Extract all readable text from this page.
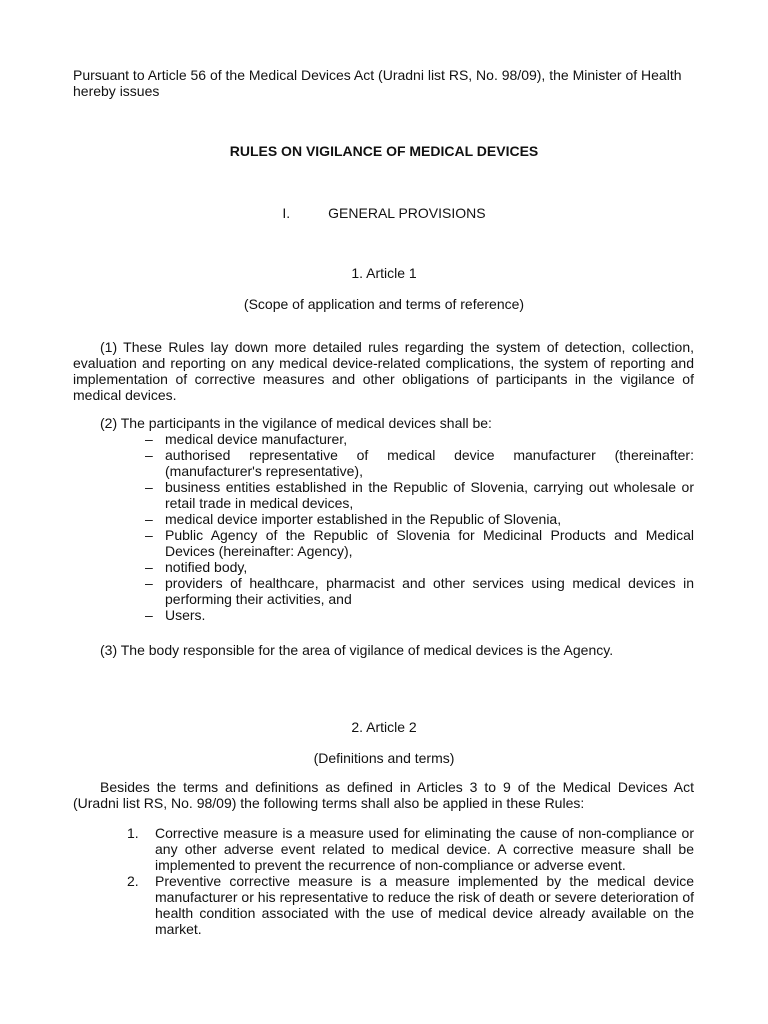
Pursuant to Article 56 of the Medical Devices Act (Uradni list RS, No. 98/09), the Minister of Health hereby issues

RULES ON VIGILANCE OF MEDICAL DEVICES

I.	GENERAL PROVISIONS

1. Article 1

(Scope of application and terms of reference)

(1) These Rules lay down more detailed rules regarding the system of detection, collection, evaluation and reporting on any medical device-related complications, the system of reporting and implementation of corrective measures and other obligations of participants in the vigilance of medical devices.

(2) The participants in the vigilance of medical devices shall be:

– medical device manufacturer,
– authorised representative of medical device manufacturer (thereinafter: (manufacturer's representative),
– business entities established in the Republic of Slovenia, carrying out wholesale or retail trade in medical devices,
– medical device importer established in the Republic of Slovenia,
– Public Agency of the Republic of Slovenia for Medicinal Products and Medical Devices (hereinafter: Agency),
– notified body,
– providers of healthcare, pharmacist and other services using medical devices in performing their activities, and
– Users.

(3) The body responsible for the area of vigilance of medical devices is the Agency.

2. Article 2

(Definitions and terms)

Besides the terms and definitions as defined in Articles 3 to 9 of the Medical Devices Act (Uradni list RS, No. 98/09) the following terms shall also be applied in these Rules:

1. Corrective measure is a measure used for eliminating the cause of non-compliance or any other adverse event related to medical device. A corrective measure shall be implemented to prevent the recurrence of non-compliance or adverse event.
2. Preventive corrective measure is a measure implemented by the medical device manufacturer or his representative to reduce the risk of death or severe deterioration of health condition associated with the use of medical device already available on the market.
